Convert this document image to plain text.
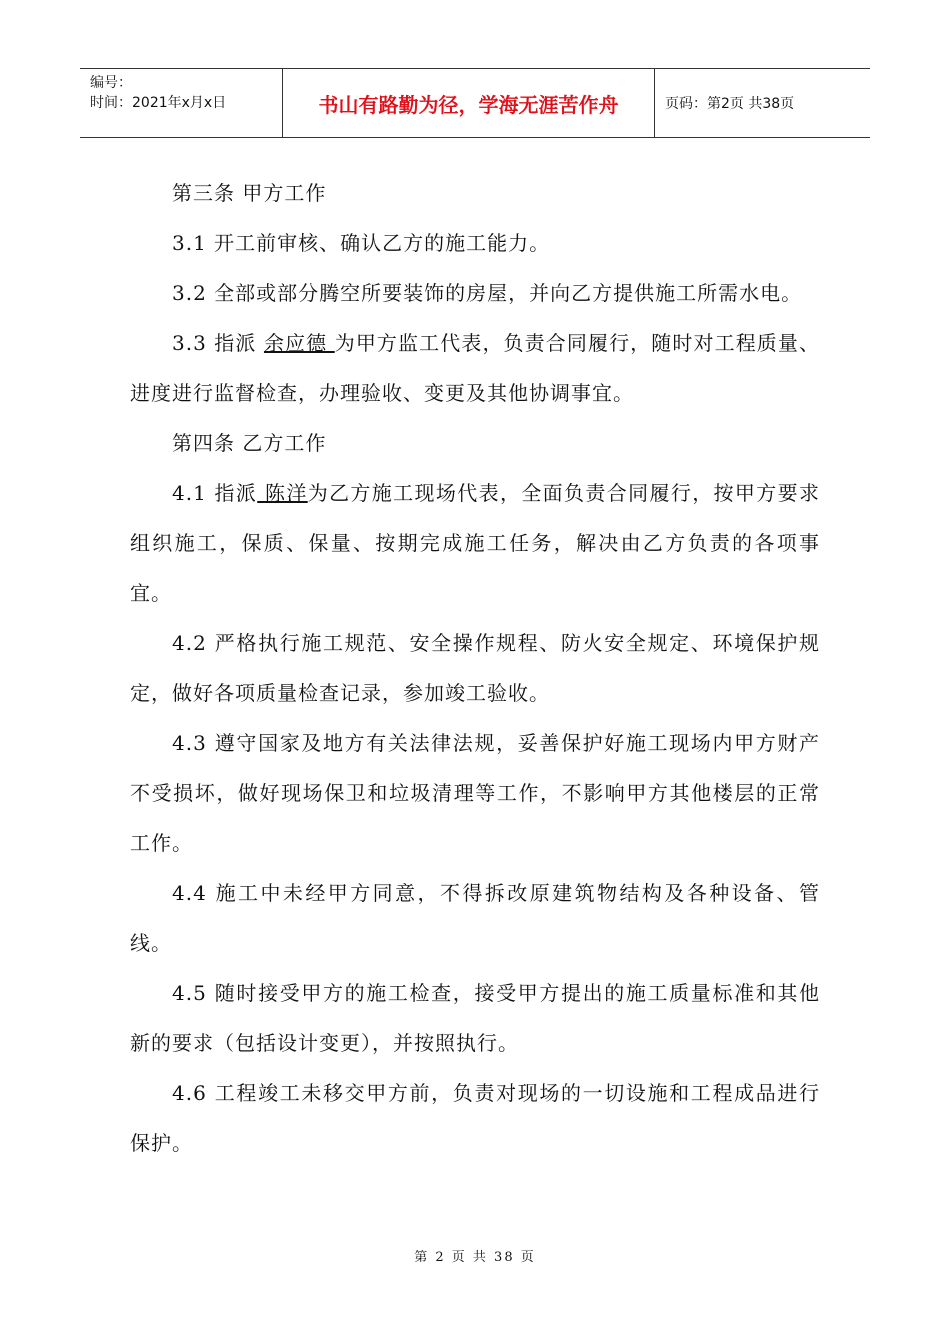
编号：
时间：2021年x月x日	书山有路勤为径，学海无涯苦作舟	页码：第2页 共38页

第三条 甲方工作

3.1 开工前审核、确认乙方的施工能力。

3.2 全部或部分腾空所要装饰的房屋，并向乙方提供施工所需水电。

3.3 指派 余应德 为甲方监工代表，负责合同履行，随时对工程质量、进度进行监督检查，办理验收、变更及其他协调事宜。

第四条 乙方工作

4.1 指派 陈洋为乙方施工现场代表，全面负责合同履行，按甲方要求组织施工，保质、保量、按期完成施工任务，解决由乙方负责的各项事宜。

4.2 严格执行施工规范、安全操作规程、防火安全规定、环境保护规定，做好各项质量检查记录，参加竣工验收。

4.3 遵守国家及地方有关法律法规，妥善保护好施工现场内甲方财产不受损坏，做好现场保卫和垃圾清理等工作，不影响甲方其他楼层的正常工作。

4.4 施工中未经甲方同意，不得拆改原建筑物结构及各种设备、管线。

4.5 随时接受甲方的施工检查，接受甲方提出的施工质量标准和其他新的要求（包括设计变更），并按照执行。

4.6 工程竣工未移交甲方前，负责对现场的一切设施和工程成品进行保护。

第 2 页 共 38 页
